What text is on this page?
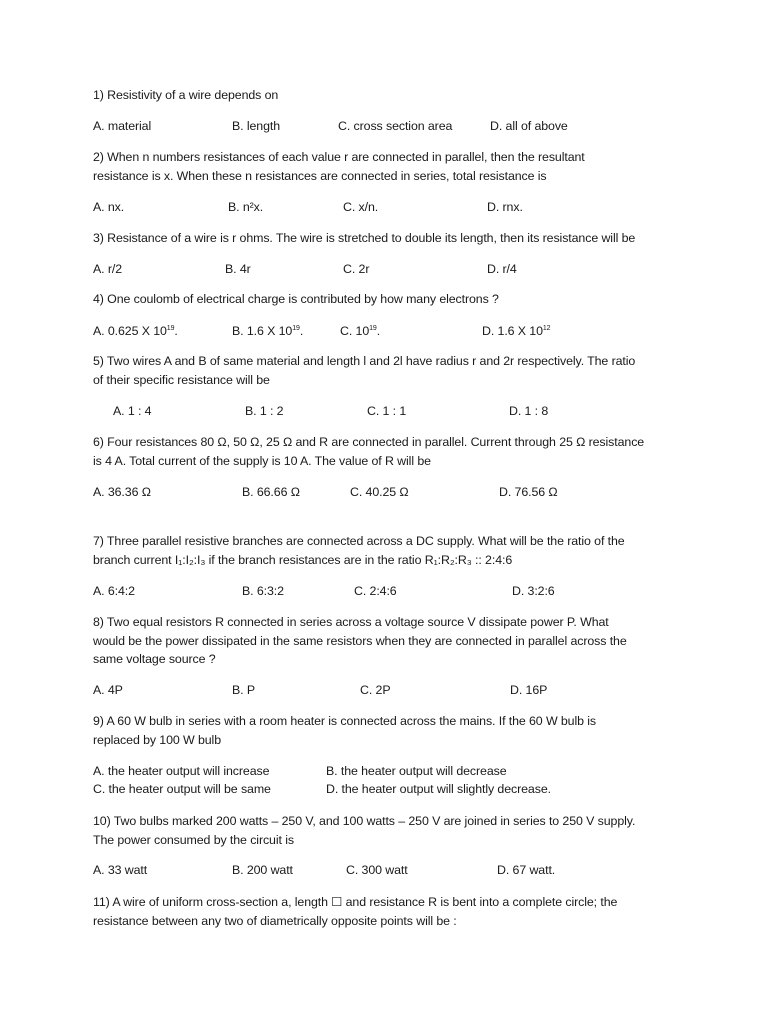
1) Resistivity of a wire depends on
A. material	B. length	C. cross section area	D. all of above
2) When n numbers resistances of each value r are connected in parallel, then the resultant
resistance is x. When these n resistances are connected in series, total resistance is
A. nx.	B. n²x.	C. x/n.	D. rnx.
3) Resistance of a wire is r ohms. The wire is stretched to double its length, then its resistance will be
A. r/2	B. 4r	C. 2r	D. r/4
4) One coulomb of electrical charge is contributed by how many electrons ?
A. 0.625 X $10^{19}$.	B. 1.6 X $10^{19}$.	C. $10^{19}$.	D. 1.6 X $10^{12}$
5) Two wires A and B of same material and length l and 2l have radius r and 2r respectively. The ratio
of their specific resistance will be
A. 1 : 4	B. 1 : 2	C. 1 : 1	D. 1 : 8
6) Four resistances 80 Ω, 50 Ω, 25 Ω and R are connected in parallel. Current through 25 Ω resistance
is 4 A. Total current of the supply is 10 A. The value of R will be
A. 36.36 Ω	B. 66.66 Ω	C. 40.25 Ω	D. 76.56 Ω
7) Three parallel resistive branches are connected across a DC supply. What will be the ratio of the
branch current I₁:I₂:I₃ if the branch resistances are in the ratio R₁:R₂:R₃ :: 2:4:6
A. 6:4:2	B. 6:3:2	C. 2:4:6	D. 3:2:6
8) Two equal resistors R connected in series across a voltage source V dissipate power P. What
would be the power dissipated in the same resistors when they are connected in parallel across the
same voltage source ?
A. 4P	B. P	C. 2P	D. 16P
9) A 60 W bulb in series with a room heater is connected across the mains. If the 60 W bulb is
replaced by 100 W bulb
A. the heater output will increase	B. the heater output will decrease
C. the heater output will be same	D. the heater output will slightly decrease.
10) Two bulbs marked 200 watts – 250 V, and 100 watts – 250 V are joined in series to 250 V supply.
The power consumed by the circuit is
A. 33 watt	B. 200 watt	C. 300 watt	D. 67 watt.
11) A wire of uniform cross-section a, length ☐ and resistance R is bent into a complete circle; the
resistance between any two of diametrically opposite points will be :
